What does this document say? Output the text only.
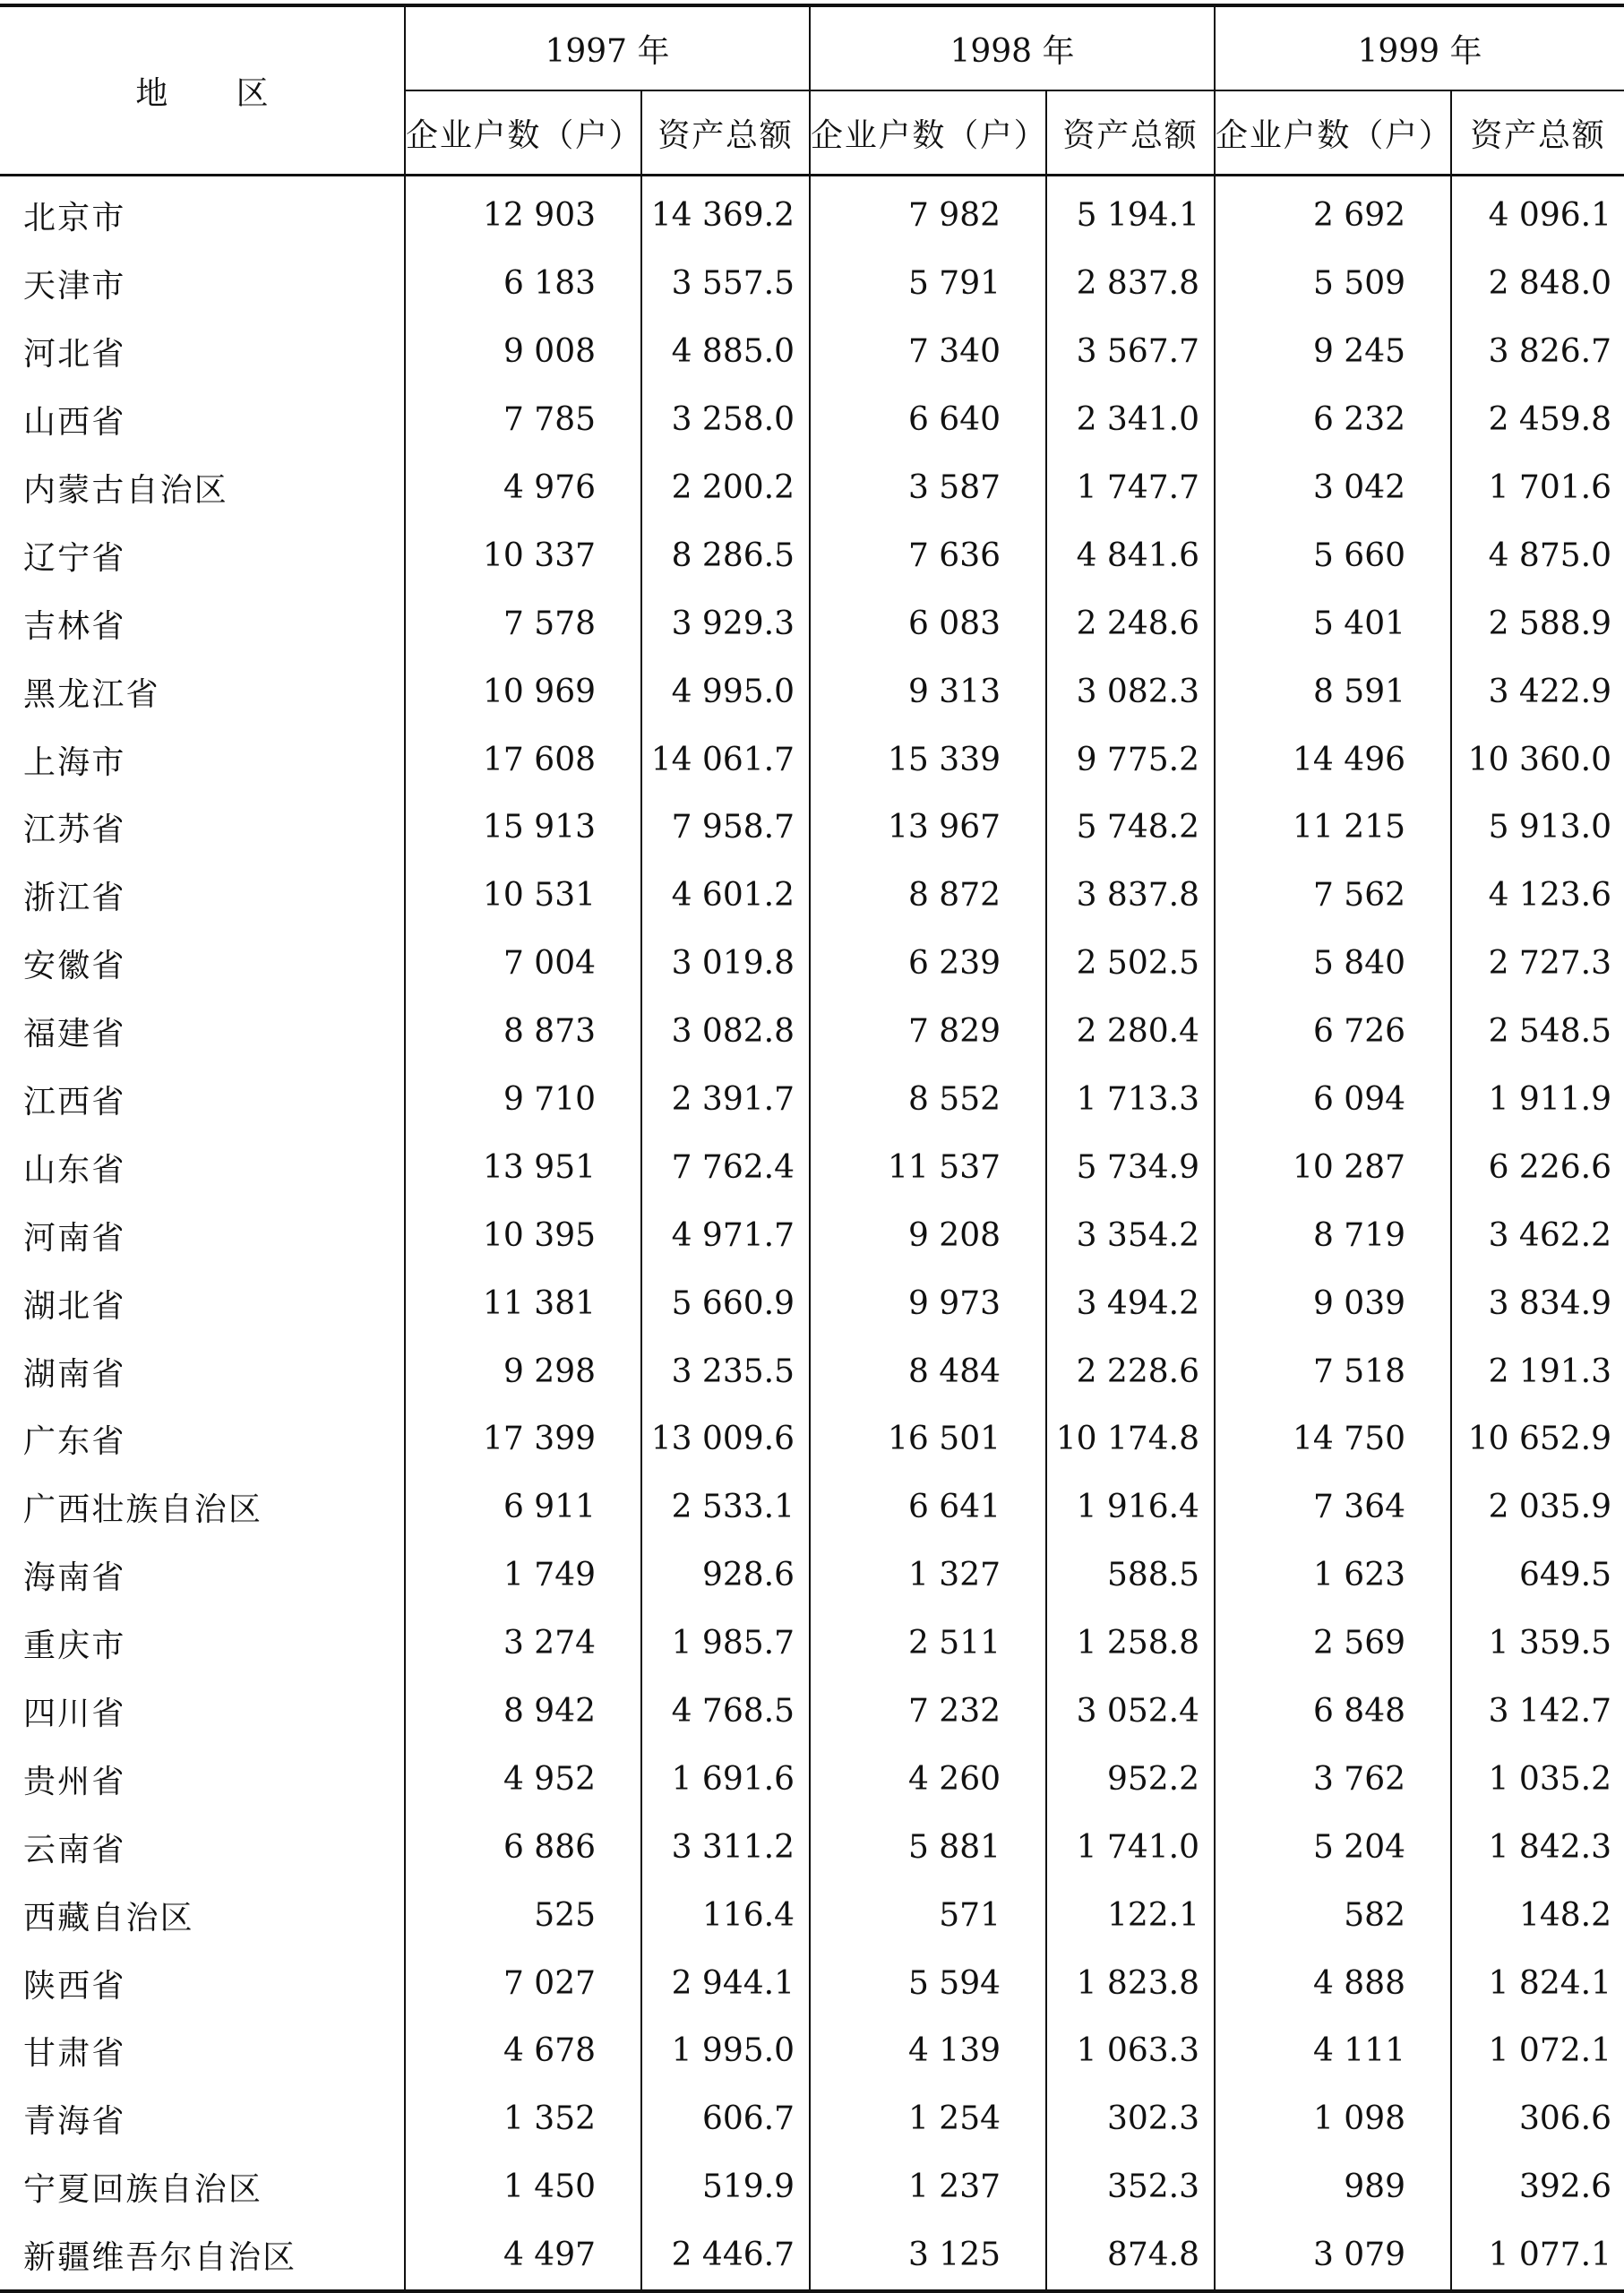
地 区	1997 年		1998 年		1999 年	
	企业户数（户）	资产总额	企业户数（户）	资产总额	企业户数（户）	资产总额
北京市	12 903	14 369.2	7 982	5 194.1	2 692	4 096.1
天津市	6 183	3 557.5	5 791	2 837.8	5 509	2 848.0
河北省	9 008	4 885.0	7 340	3 567.7	9 245	3 826.7
山西省	7 785	3 258.0	6 640	2 341.0	6 232	2 459.8
内蒙古自治区	4 976	2 200.2	3 587	1 747.7	3 042	1 701.6
辽宁省	10 337	8 286.5	7 636	4 841.6	5 660	4 875.0
吉林省	7 578	3 929.3	6 083	2 248.6	5 401	2 588.9
黑龙江省	10 969	4 995.0	9 313	3 082.3	8 591	3 422.9
上海市	17 608	14 061.7	15 339	9 775.2	14 496	10 360.0
江苏省	15 913	7 958.7	13 967	5 748.2	11 215	5 913.0
浙江省	10 531	4 601.2	8 872	3 837.8	7 562	4 123.6
安徽省	7 004	3 019.8	6 239	2 502.5	5 840	2 727.3
福建省	8 873	3 082.8	7 829	2 280.4	6 726	2 548.5
江西省	9 710	2 391.7	8 552	1 713.3	6 094	1 911.9
山东省	13 951	7 762.4	11 537	5 734.9	10 287	6 226.6
河南省	10 395	4 971.7	9 208	3 354.2	8 719	3 462.2
湖北省	11 381	5 660.9	9 973	3 494.2	9 039	3 834.9
湖南省	9 298	3 235.5	8 484	2 228.6	7 518	2 191.3
广东省	17 399	13 009.6	16 501	10 174.8	14 750	10 652.9
广西壮族自治区	6 911	2 533.1	6 641	1 916.4	7 364	2 035.9
海南省	1 749	928.6	1 327	588.5	1 623	649.5
重庆市	3 274	1 985.7	2 511	1 258.8	2 569	1 359.5
四川省	8 942	4 768.5	7 232	3 052.4	6 848	3 142.7
贵州省	4 952	1 691.6	4 260	952.2	3 762	1 035.2
云南省	6 886	3 311.2	5 881	1 741.0	5 204	1 842.3
西藏自治区	525	116.4	571	122.1	582	148.2
陕西省	7 027	2 944.1	5 594	1 823.8	4 888	1 824.1
甘肃省	4 678	1 995.0	4 139	1 063.3	4 111	1 072.1
青海省	1 352	606.7	1 254	302.3	1 098	306.6
宁夏回族自治区	1 450	519.9	1 237	352.3	989	392.6
新疆维吾尔自治区	4 497	2 446.7	3 125	874.8	3 079	1 077.1
